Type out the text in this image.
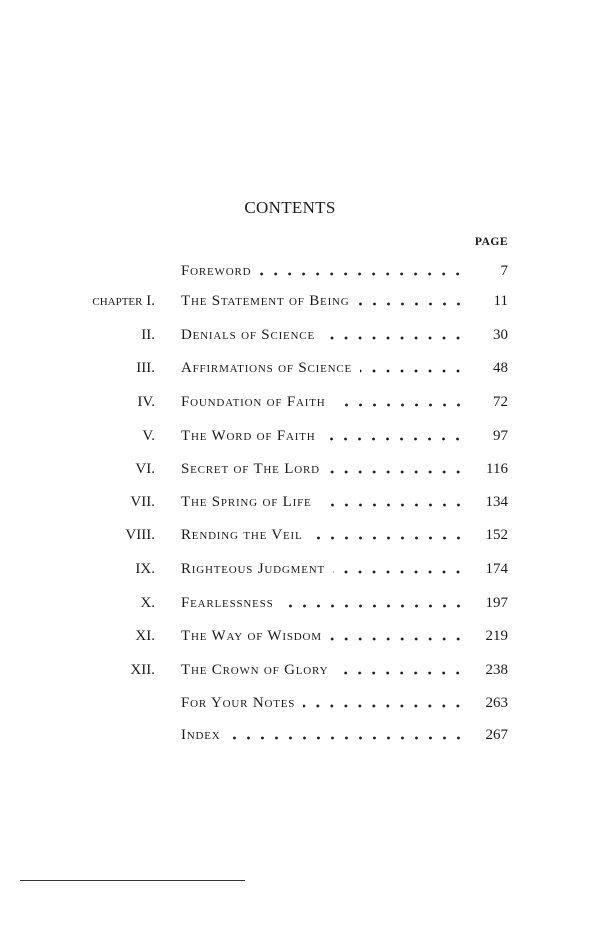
CONTENTS
PAGE
Foreword	7
chapter I. The Statement of Being	11
II. Denials of Science	30
III. Affirmations of Science	48
IV. Foundation of Faith	72
V. The Word of Faith	97
VI. Secret of The Lord	116
VII. The Spring of Life	134
VIII. Rending the Veil	152
IX. Righteous Judgment	174
X. Fearlessness	197
XI. The Way of Wisdom	219
XII. The Crown of Glory	238
For Your Notes	263
Index	267
